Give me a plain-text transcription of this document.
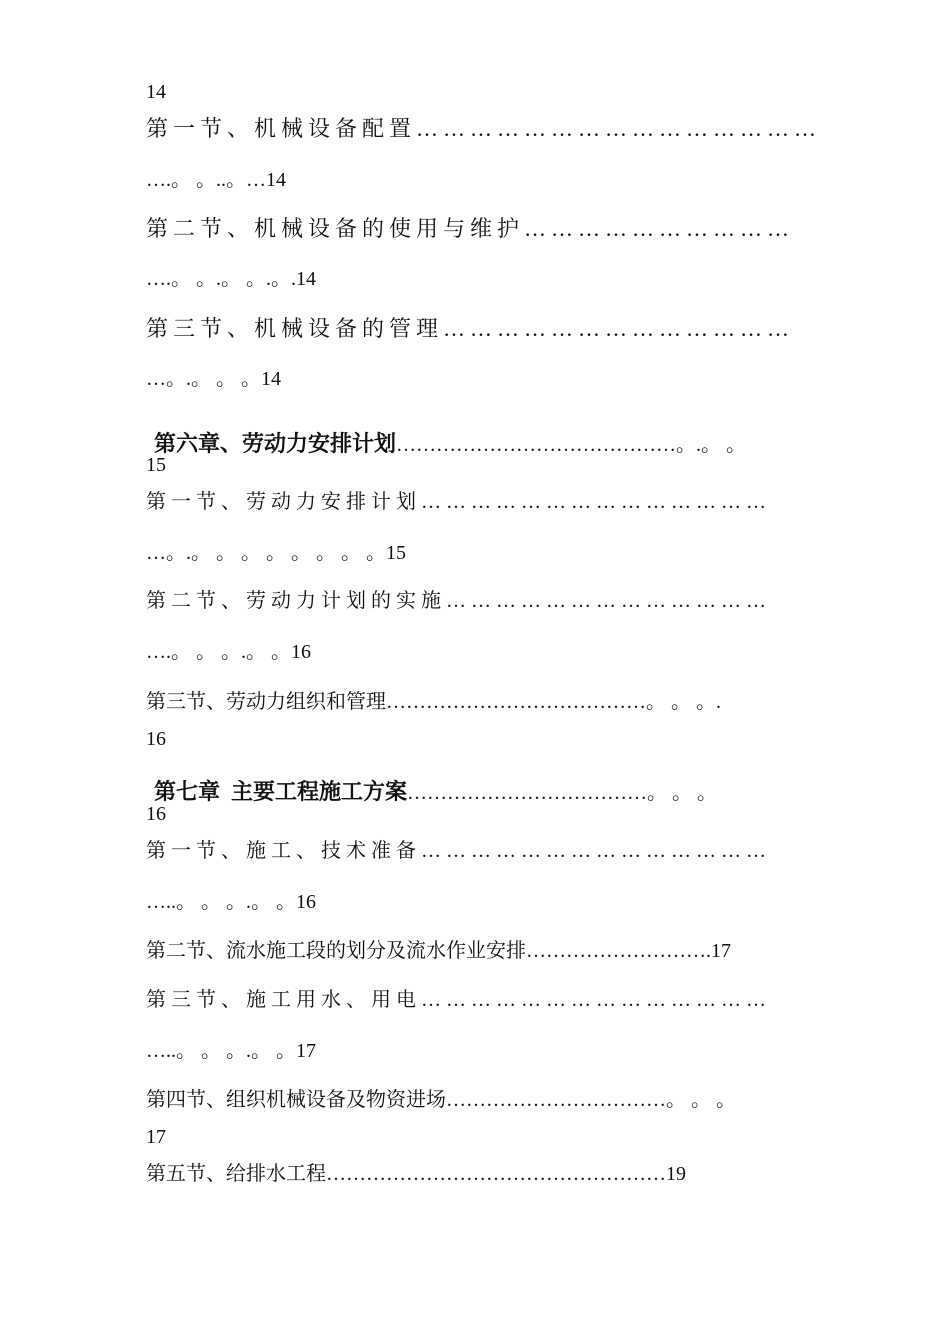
14
第一节、机械设备配置………………………………………
….。 。..。…14
第二节、机械设备的使用与维护…………………………
….。 。.。 。.。.14
第三节、机械设备的管理…………………………………
…。.。 。 。14

第六章、劳动力安排计划……………………………………。.。 。

15
第一节、劳动力安排计划……………………………………
…。.。 。 。 。 。 。 。 。15
第二节、劳动力计划的实施…………………………………
….。 。 。.。 。16
第三节、劳动力组织和管理…………………………………。 。 。.
16

第七章  主要工程施工方案………………………………。 。 。

16
第一节、施工、技术准备……………………………………
…..。 。 。.。 。16
第二节、流水施工段的划分及流水作业安排……………………….17
第三节、施工用水、用电……………………………………
…..。 。 。.。 。17
第四节、组织机械设备及物资进场……………………………。 。 。
17
第五节、给排水工程……………………………………………19
